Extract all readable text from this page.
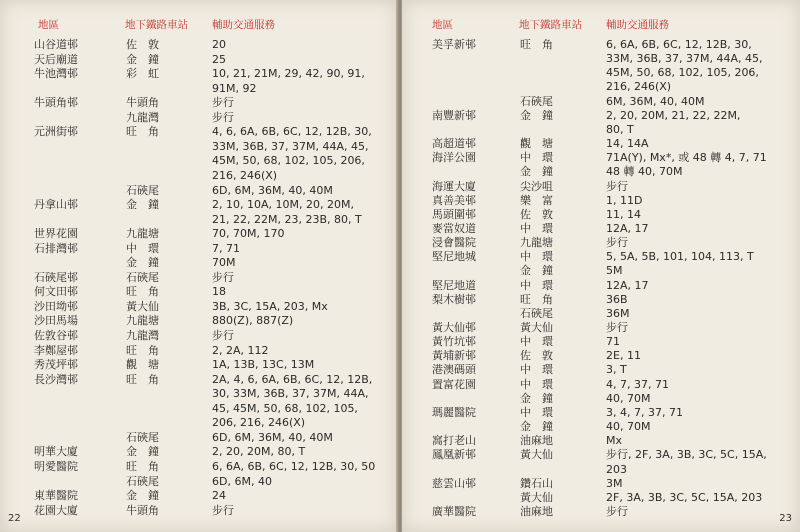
地區	地下鐵路車站 輔助交通服務
山谷道邨	佐　敦	20
天后廟道	金　鐘	25
牛池灣邨	彩　虹	10, 21, 21M, 29, 42, 90, 91,
91M, 92
牛頭角邨	牛頭角	步行
九龍灣	步行
元洲街邨	旺　角	4, 6, 6A, 6B, 6C, 12, 12B, 30,
33M, 36B, 37, 37M, 44A, 45,
45M, 50, 68, 102, 105, 206,
216, 246(X)
石硤尾	6D, 6M, 36M, 40, 40M
丹拿山邨	金　鐘	2, 10, 10A, 10M, 20, 20M,
21, 22, 22M, 23, 23B, 80, T
世界花園	九龍塘	70, 70M, 170
石排灣邨	中　環	7, 71
金　鐘	70M
石硤尾邨	石硤尾	步行
何文田邨	旺　角	18
沙田坳邨	黃大仙	3B, 3C, 15A, 203, Mx
沙田馬場	九龍塘	880(Z), 887(Z)
佐敦谷邨	九龍灣	步行
李鄭屋邨	旺　角	2, 2A, 112
秀茂坪邨	觀　塘	1A, 13B, 13C, 13M
長沙灣邨	旺　角	2A, 4, 6, 6A, 6B, 6C, 12, 12B,
30, 33M, 36B, 37, 37M, 44A,
45, 45M, 50, 68, 102, 105,
206, 216, 246(X)
石硤尾	6D, 6M, 36M, 40, 40M
明華大廈	金　鐘	2, 20, 20M, 80, T
明愛醫院	旺　角	6, 6A, 6B, 6C, 12, 12B, 30, 50
石硤尾	6D, 6M, 40
東華醫院	金　鐘	24
花園大廈	牛頭角	步行
22
地區	地下鐵路車站 輔助交通服務
美孚新邨	旺　角	6, 6A, 6B, 6C, 12, 12B, 30,
33M, 36B, 37, 37M, 44A, 45,
45M, 50, 68, 102, 105, 206,
216, 246(X)
石硤尾	6M, 36M, 40, 40M
南豐新邨	金　鐘	2, 20, 20M, 21, 22, 22M,
80, T
高超道邨	觀　塘	14, 14A
海洋公園	中　環	71A(Y), Mx*, 或 48 轉 4, 7, 71
金　鐘	48 轉 40, 70M
海運大廈	尖沙咀	步行
真善美邨	樂　富	1, 11D
馬頭圍邨	佐　敦	11, 14
麥當奴道	中　環	12A, 17
浸會醫院	九龍塘	步行
堅尼地城	中　環	5, 5A, 5B, 101, 104, 113, T
金　鐘	5M
堅尼地道	中　環	12A, 17
梨木樹邨	旺　角	36B
石硤尾	36M
黃大仙邨	黃大仙	步行
黃竹坑邨	中　環	71
黃埔新邨	佐　敦	2E, 11
港澳碼頭	中　環	3, T
置富花園	中　環	4, 7, 37, 71
金　鐘	40, 70M
瑪麗醫院	中　環	3, 4, 7, 37, 71
金　鐘	40, 70M
窩打老山	油麻地	Mx
鳳凰新邨	黃大仙	步行, 2F, 3A, 3B, 3C, 5C, 15A,
203
慈雲山邨	鑽石山	3M
黃大仙	2F, 3A, 3B, 3C, 5C, 15A, 203
廣華醫院	油麻地	步行
23
